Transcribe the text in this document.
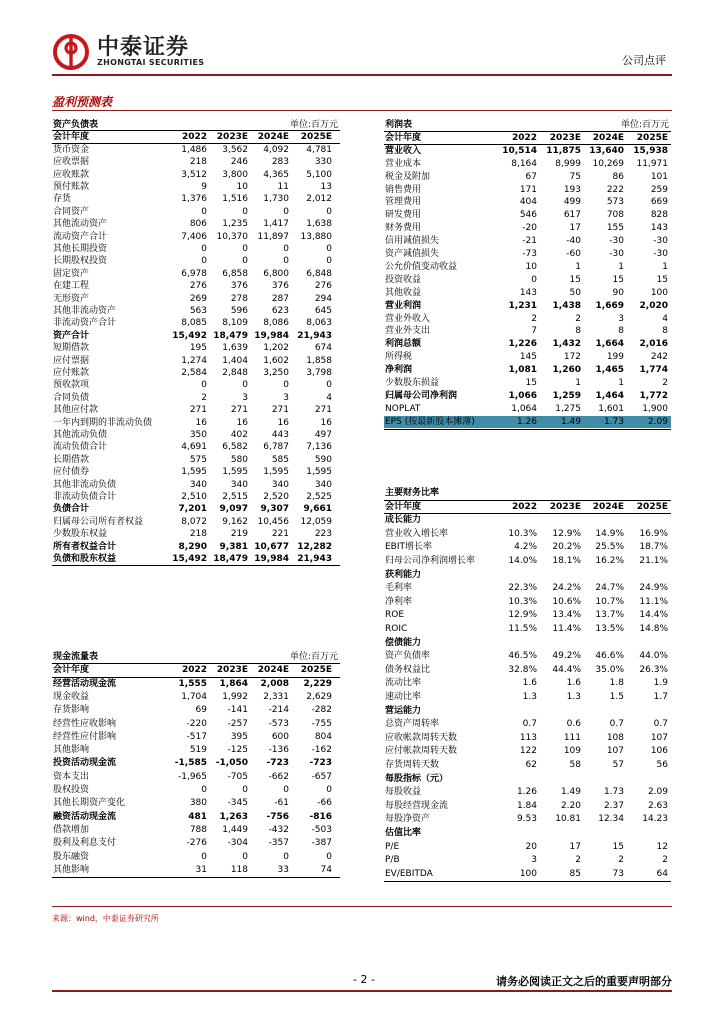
中泰证券
ZHONGTAI SECURITIES	公司点评
盈利预测表
资产负债表	单位:百万元
会计年度	2022 2023E 2024E 2025E
货币资金	1,486 3,562 4,092 4,781
应收票据	218	246	283	330
应收账款	3,512 3,800 4,365 5,100
预付账款	9	10	11	13
存货	1,376 1,516 1,730 2,012
合同资产	0	0	0	0
其他流动资产	806 1,235 1,417 1,638
流动资产合计	7,406 10,370 11,897 13,880
其他长期投资	0	0	0	0
长期股权投资	0	0	0	0
固定资产	6,978 6,858 6,800 6,848
在建工程	276	376	376	276
无形资产	269	278	287	294
其他非流动资产	563	596	623	645
非流动资产合计	8,085 8,109 8,086 8,063
资产合计	15,492 18,479 19,984 21,943
短期借款	195 1,639 1,202	674
应付票据	1,274 1,404 1,602 1,858
应付账款	2,584 2,848 3,250 3,798
预收款项	0	0	0	0
合同负债	2	3	3	4
其他应付款	271	271	271	271
一年内到期的非流动负债	16	16	16	16
其他流动负债	350	402	443	497
流动负债合计	4,691 6,582 6,787 7,136
长期借款	575	580	585	590
应付债券	1,595 1,595 1,595 1,595
其他非流动负债	340	340	340	340
非流动负债合计	2,510 2,515 2,520 2,525
负债合计	7,201 9,097 9,307 9,661
归属母公司所有者权益	8,072 9,162 10,456 12,059
少数股东权益	218	219	221	223
所有者权益合计	8,290 9,381 10,677 12,282
负债和股东权益	15,492 18,479 19,984 21,943
利润表	单位:百万元
会计年度	2022 2023E 2024E 2025E
营业收入	10,514 11,875 13,640 15,938
营业成本	8,164 8,999 10,269 11,971
税金及附加	67	75	86	101
销售费用	171	193	222	259
管理费用	404	499	573	669
研发费用	546	617	708	828
财务费用	-20	17	155	143
信用减值损失	-21	-40	-30	-30
资产减值损失	-73	-60	-30	-30
公允价值变动收益	10	1	1	1
投资收益	0	15	15	15
其他收益	143	50	90	100
营业利润	1,231 1,438 1,669 2,020
营业外收入	2	2	3	4
营业外支出	7	8	8	8
利润总额	1,226 1,432 1,664 2,016
所得税	145	172	199	242
净利润	1,081 1,260 1,465 1,774
少数股东损益	15	1	1	2
归属母公司净利润	1,066 1,259 1,464 1,772
NOPLAT	1,064 1,275 1,601 1,900
EPS (按最新股本摊薄)	1.26	1.49	1.73	2.09
主要财务比率
会计年度	2022 2023E 2024E 2025E
成长能力
营业收入增长率	10.3% 12.9% 14.9% 16.9%
EBIT增长率	4.2% 20.2% 25.5% 18.7%
归母公司净利润增长率	14.0% 18.1% 16.2% 21.1%
获利能力
毛利率	22.3% 24.2% 24.7% 24.9%
净利率	10.3% 10.6% 10.7% 11.1%
ROE	12.9% 13.4% 13.7% 14.4%
ROIC	11.5% 11.4% 13.5% 14.8%
偿债能力
资产负债率	46.5% 49.2% 46.6% 44.0%
债务权益比	32.8% 44.4% 35.0% 26.3%
流动比率	1.6	1.6	1.8	1.9
速动比率	1.3	1.3	1.5	1.7
营运能力
总资产周转率	0.7	0.6	0.7	0.7
应收帐款周转天数	113	111	108	107
应付帐款周转天数	122	109	107	106
存货周转天数	62	58	57	56
每股指标（元）
每股收益	1.26	1.49	1.73	2.09
每股经营现金流	1.84	2.20	2.37	2.63
每股净资产	9.53 10.81 12.34 14.23
估值比率
P/E	20	17	15	12
P/B	3	2	2	2
EV/EBITDA	100	85	73	64
现金流量表	单位:百万元
会计年度	2022 2023E 2024E 2025E
经营活动现金流	1,555 1,864 2,008 2,229
现金收益	1,704 1,992 2,331 2,629
存货影响	69 -141 -214	-282
经营性应收影响	-220 -257 -573	-755
经营性应付影响	-517	395	600	804
其他影响	519 -125 -136	-162
投资活动现金流	-1,585 -1,050 -723 -723
资本支出	-1,965 -705 -662	-657
股权投资	0	0	0	0
其他长期资产变化	380 -345	-61	-66
融资活动现金流	481 1,263 -756 -816
借款增加	788 1,449 -432	-503
股利及利息支付	-276 -304 -357	-387
股东融资	0	0	0	0
其他影响	31	118	33	74
来源：wind，中泰证券研究所
- 2 -	请务必阅读正文之后的重要声明部分
